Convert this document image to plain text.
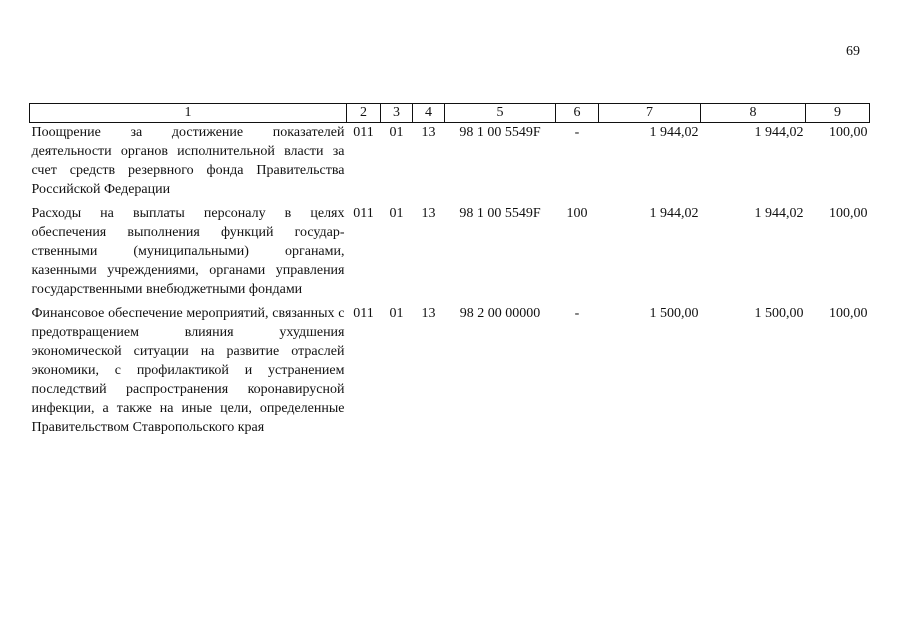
69
1	2	3	4	5	6	7	8	9
Поощрение за достижение показателей деятельности органов исполнительной власти за счет средств резервного фонда Правительства Российской Федерации	011	01	13	98 1 00 5549F	-	1 944,02	1 944,02	100,00
Расходы на выплаты персоналу в целях обеспечения выполнения функций государ-ственными (муниципальными) органами, казенными учреждениями, органами управления государственными внебюджетными фондами	011	01	13	98 1 00 5549F	100	1 944,02	1 944,02	100,00
Финансовое обеспечение мероприятий, связанных с предотвращением влияния ухудшения экономической ситуации на развитие отраслей экономики, с профилактикой и устранением последствий распространения коронавирусной инфекции, а также на иные цели, определенные Правительством Ставропольского края	011	01	13	98 2 00 00000	-	1 500,00	1 500,00	100,00
